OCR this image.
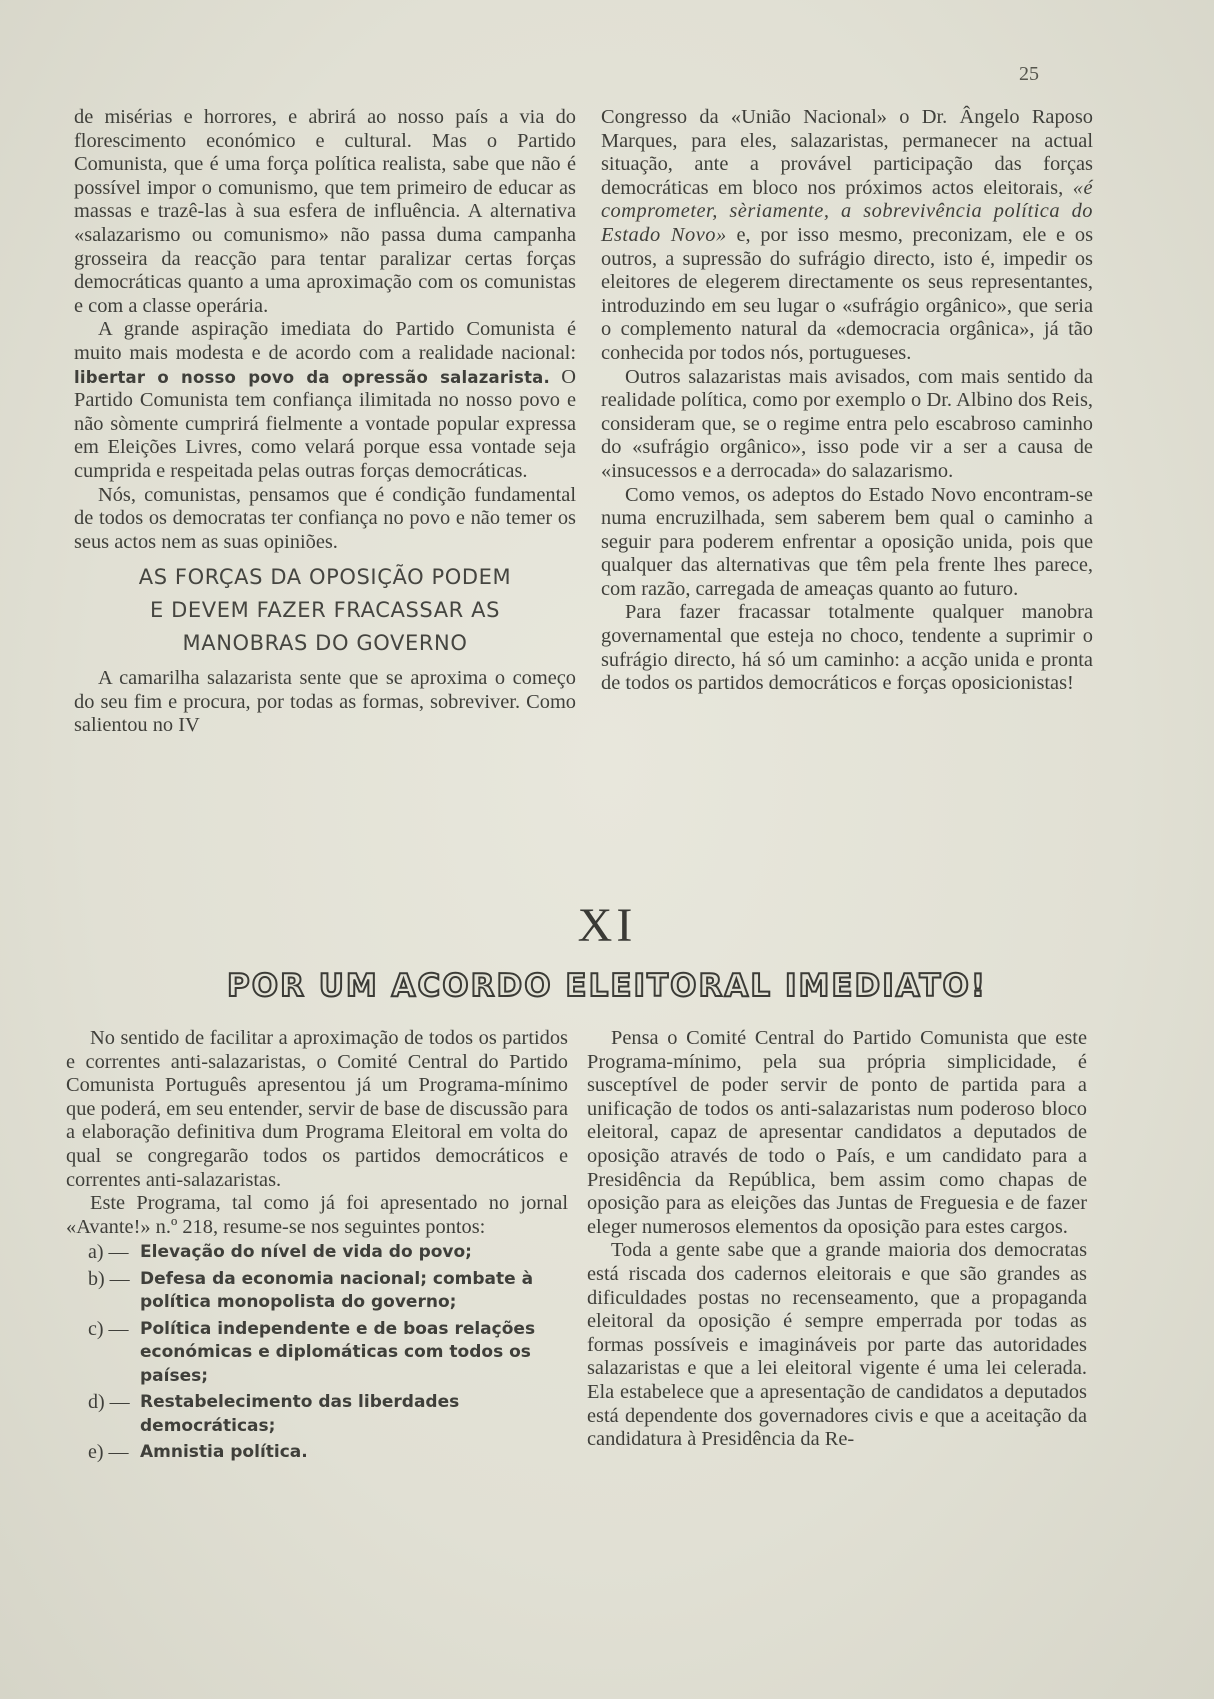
25

de misérias e horrores, e abrirá ao nosso país a via do florescimento económico e cultural. Mas o Partido Comunista, que é uma força política realista, sabe que não é possível impor o comunismo, que tem primeiro de educar as massas e trazê-las à sua esfera de influência. A alternativa «salazarismo ou comunismo» não passa duma campanha grosseira da reacção para tentar paralizar certas forças democráticas quanto a uma aproximação com os comunistas e com a classe operária.

A grande aspiração imediata do Partido Comunista é muito mais modesta e de acordo com a realidade nacional: libertar o nosso povo da opressão salazarista. O Partido Comunista tem confiança ilimitada no nosso povo e não sòmente cumprirá fielmente a vontade popular expressa em Eleições Livres, como velará porque essa vontade seja cumprida e respeitada pelas outras forças democráticas.

Nós, comunistas, pensamos que é condição fundamental de todos os democratas ter confiança no povo e não temer os seus actos nem as suas opiniões.

AS FORÇAS DA OPOSIÇÃO PODEM
E DEVEM FAZER FRACASSAR AS
MANOBRAS DO GOVERNO

A camarilha salazarista sente que se aproxima o começo do seu fim e procura, por todas as formas, sobreviver. Como salientou no IV

Congresso da «União Nacional» o Dr. Ângelo Raposo Marques, para eles, salazaristas, permanecer na actual situação, ante a provável participação das forças democráticas em bloco nos próximos actos eleitorais, «é comprometer, sèriamente, a sobrevivência política do Estado Novo» e, por isso mesmo, preconizam, ele e os outros, a supressão do sufrágio directo, isto é, impedir os eleitores de elegerem directamente os seus representantes, introduzindo em seu lugar o «sufrágio orgânico», que seria o complemento natural da «democracia orgânica», já tão conhecida por todos nós, portugueses.

Outros salazaristas mais avisados, com mais sentido da realidade política, como por exemplo o Dr. Albino dos Reis, consideram que, se o regime entra pelo escabroso caminho do «sufrágio orgânico», isso pode vir a ser a causa de «insucessos e a derrocada» do salazarismo.

Como vemos, os adeptos do Estado Novo encontram-se numa encruzilhada, sem saberem bem qual o caminho a seguir para poderem enfrentar a oposição unida, pois que qualquer das alternativas que têm pela frente lhes parece, com razão, carregada de ameaças quanto ao futuro.

Para fazer fracassar totalmente qualquer manobra governamental que esteja no choco, tendente a suprimir o sufrágio directo, há só um caminho: a acção unida e pronta de todos os partidos democráticos e forças oposicionistas!

XI
POR UM ACORDO ELEITORAL IMEDIATO!

No sentido de facilitar a aproximação de todos os partidos e correntes anti-salazaristas, o Comité Central do Partido Comunista Português apresentou já um Programa-mínimo que poderá, em seu entender, servir de base de discussão para a elaboração definitiva dum Programa Eleitoral em volta do qual se congregarão todos os partidos democráticos e correntes anti-salazaristas.

Este Programa, tal como já foi apresentado no jornal «Avante!» n.º 218, resume-se nos seguintes pontos:

a) — Elevação do nível de vida do povo;
b) — Defesa da economia nacional; combate à política monopolista do governo;
c) — Política independente e de boas relações económicas e diplomáticas com todos os países;
d) — Restabelecimento das liberdades democráticas;
e) — Amnistia política.

Pensa o Comité Central do Partido Comunista que este Programa-mínimo, pela sua própria simplicidade, é susceptível de poder servir de ponto de partida para a unificação de todos os anti-salazaristas num poderoso bloco eleitoral, capaz de apresentar candidatos a deputados de oposição através de todo o País, e um candidato para a Presidência da República, bem assim como chapas de oposição para as eleições das Juntas de Freguesia e de fazer eleger numerosos elementos da oposição para estes cargos.

Toda a gente sabe que a grande maioria dos democratas está riscada dos cadernos eleitorais e que são grandes as dificuldades postas no recenseamento, que a propaganda eleitoral da oposição é sempre emperrada por todas as formas possíveis e imagináveis por parte das autoridades salazaristas e que a lei eleitoral vigente é uma lei celerada. Ela estabelece que a apresentação de candidatos a deputados está dependente dos governadores civis e que a aceitação da candidatura à Presidência da Re-
